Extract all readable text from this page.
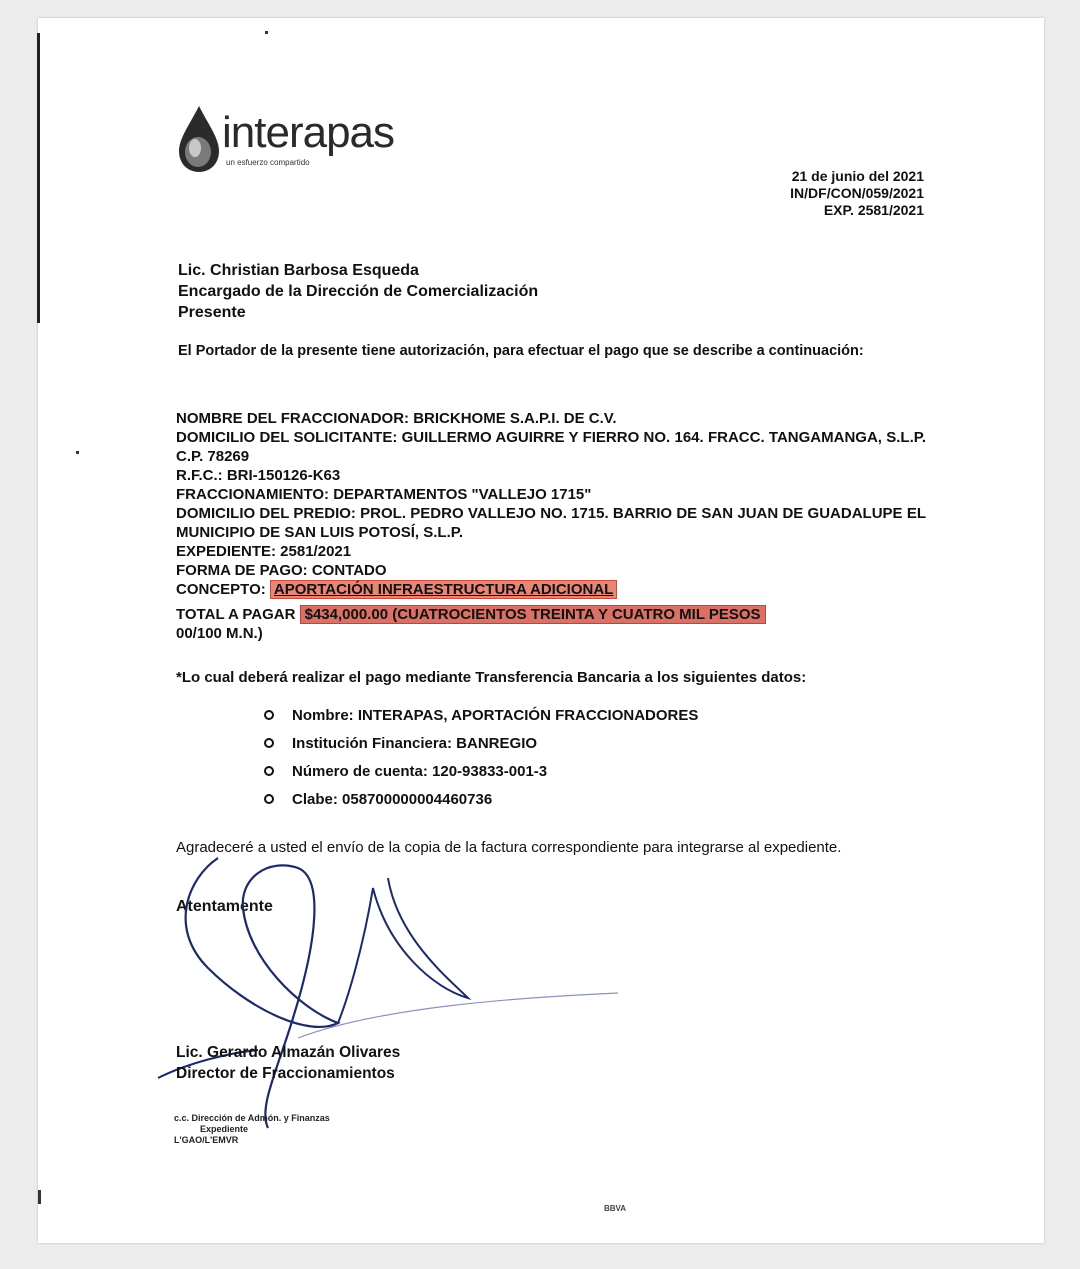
interapas
un esfuerzo compartido
21 de junio del 2021
IN/DF/CON/059/2021
EXP. 2581/2021
Lic. Christian Barbosa Esqueda
Encargado de la Dirección de Comercialización
Presente
El Portador de la presente tiene autorización, para efectuar el pago que se describe a continuación:
NOMBRE DEL FRACCIONADOR: BRICKHOME S.A.P.I. DE C.V.
DOMICILIO DEL SOLICITANTE: GUILLERMO AGUIRRE Y FIERRO NO. 164. FRACC. TANGAMANGA, S.L.P. C.P. 78269
R.F.C.: BRI-150126-K63
FRACCIONAMIENTO: DEPARTAMENTOS "VALLEJO 1715"
DOMICILIO DEL PREDIO: PROL. PEDRO VALLEJO NO. 1715. BARRIO DE SAN JUAN DE GUADALUPE EL MUNICIPIO DE SAN LUIS POTOSÍ, S.L.P.
EXPEDIENTE: 2581/2021
FORMA DE PAGO: CONTADO
CONCEPTO: APORTACIÓN INFRAESTRUCTURA ADICIONAL
TOTAL A PAGAR $434,000.00 (CUATROCIENTOS TREINTA Y CUATRO MIL PESOS
00/100 M.N.)
*Lo cual deberá realizar el pago mediante Transferencia Bancaria a los siguientes datos:
Nombre: INTERAPAS, APORTACIÓN FRACCIONADORES
Institución Financiera: BANREGIO
Número de cuenta: 120-93833-001-3
Clabe: 058700000004460736
Agradeceré a usted el envío de la copia de la factura correspondiente para integrarse al expediente.
Atentamente
Lic. Gerardo Almazán Olivares
Director de Fraccionamientos
c.c. Dirección de Admón. y Finanzas
Expediente
L'GAO/L'EMVR
BBVA
